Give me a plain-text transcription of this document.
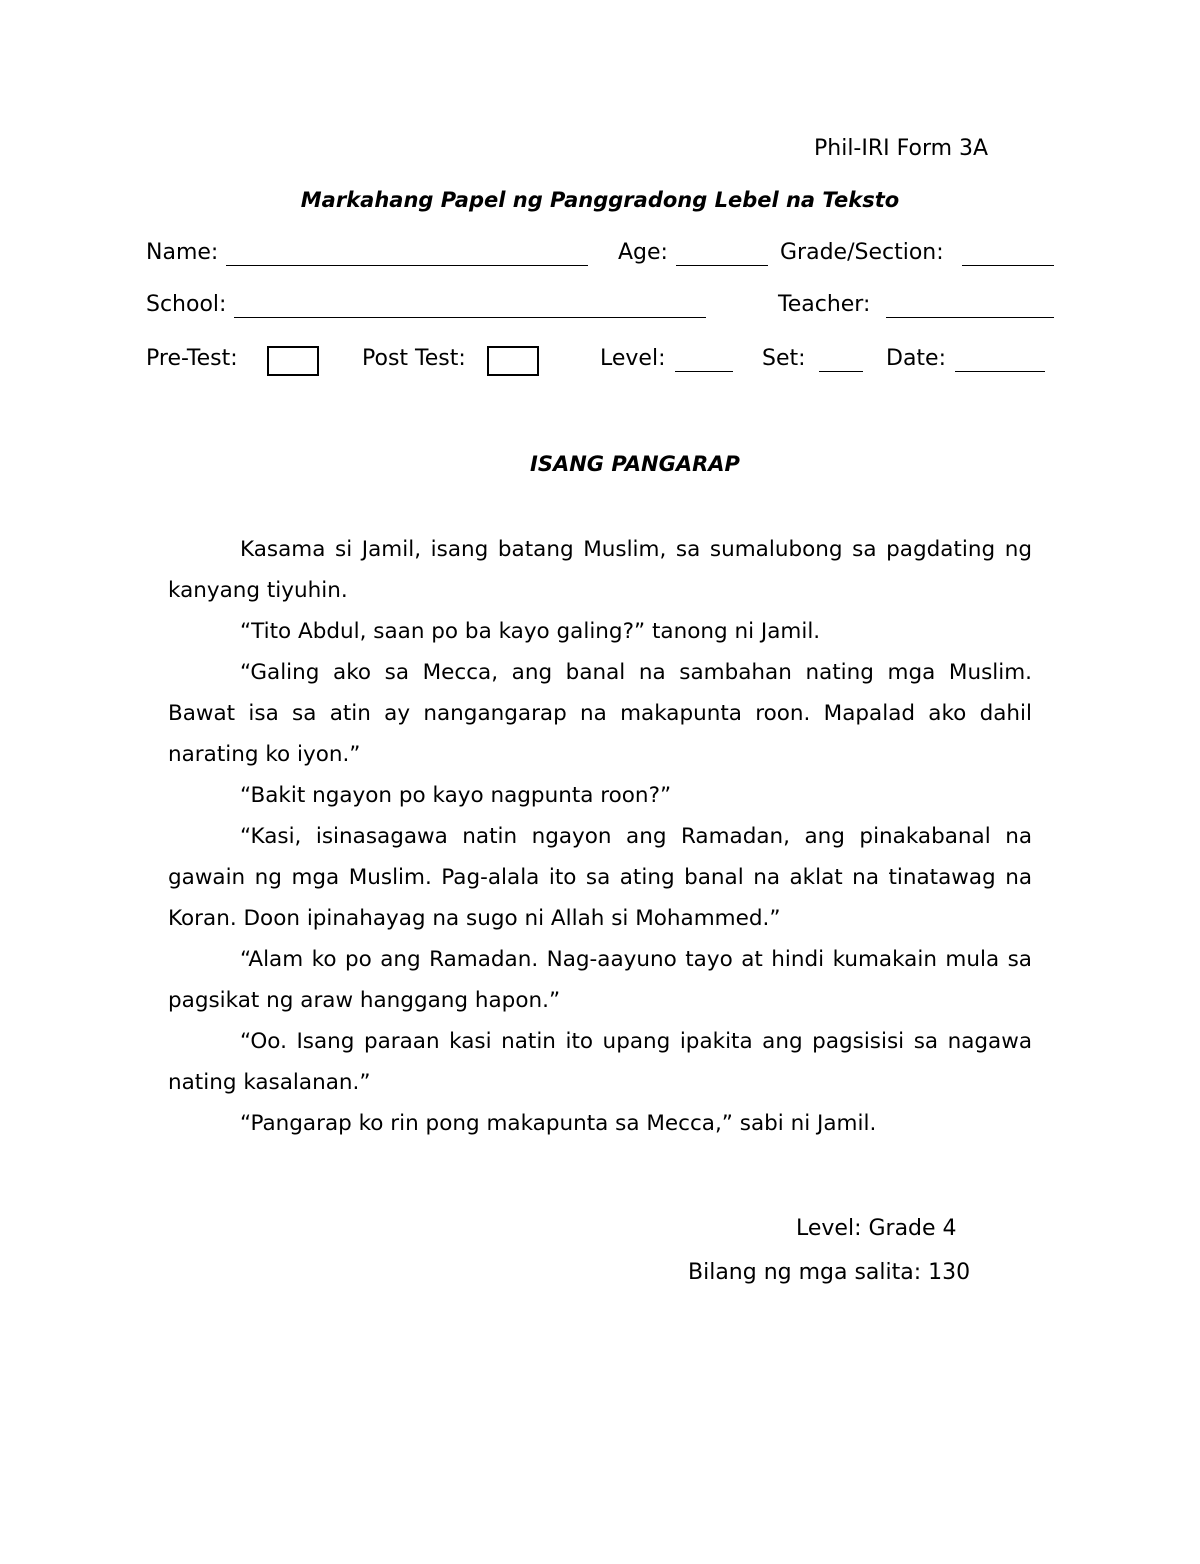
Phil-IRI Form 3A
Markahang Papel ng Panggradong Lebel na Teksto
Name:	Age:	Grade/Section:
School:	Teacher:
Pre-Test:	Post Test:	Level:	Set:	Date:
ISANG PANGARAP

Kasama si Jamil, isang batang Muslim, sa sumalubong sa pagdating ng kanyang tiyuhin.

“Tito Abdul, saan po ba kayo galing?” tanong ni Jamil.

“Galing ako sa Mecca, ang banal na sambahan nating mga Muslim. Bawat isa sa atin ay nangangarap na makapunta roon. Mapalad ako dahil narating ko iyon.”

“Bakit ngayon po kayo nagpunta roon?”

“Kasi, isinasagawa natin ngayon ang Ramadan, ang pinakabanal na gawain ng mga Muslim. Pag-alala ito sa ating banal na aklat na tinatawag na Koran. Doon ipinahayag na sugo ni Allah si Mohammed.”

“Alam ko po ang Ramadan. Nag-aayuno tayo at hindi kumakain mula sa pagsikat ng araw hanggang hapon.”

“Oo. Isang paraan kasi natin ito upang ipakita ang pagsisisi sa nagawa nating kasalanan.”

“Pangarap ko rin pong makapunta sa Mecca,” sabi ni Jamil.

Level: Grade 4
Bilang ng mga salita: 130
